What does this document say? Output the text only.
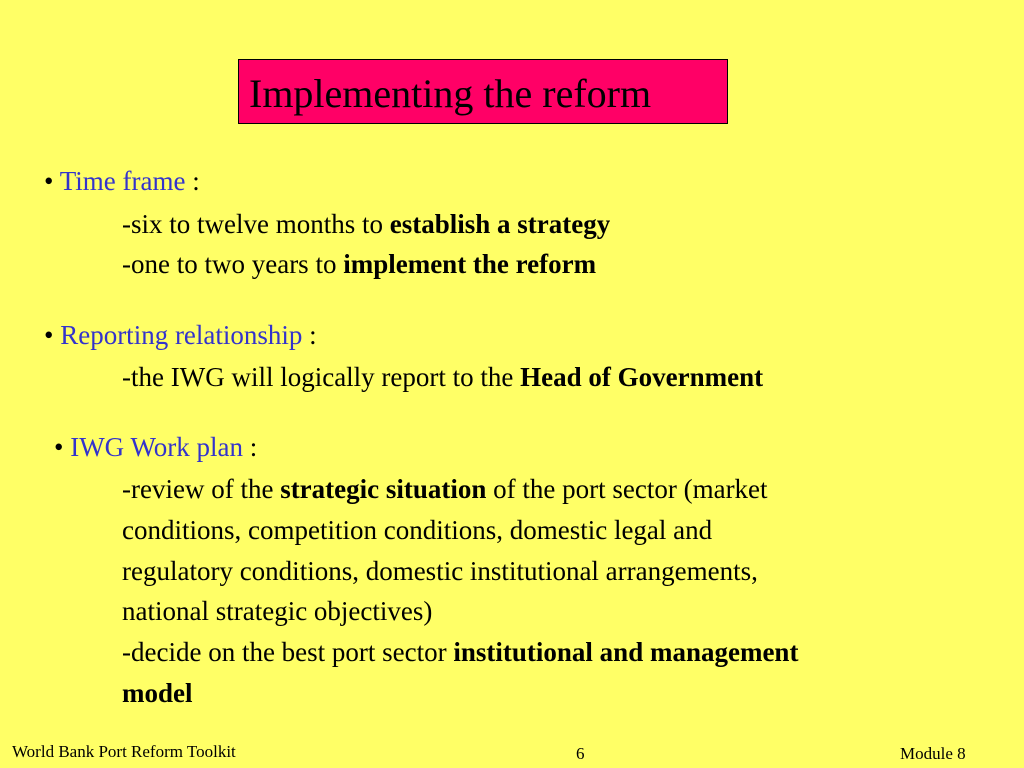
Implementing the reform
• Time frame :
-six to twelve months to establish a strategy
-one to two years to implement the reform
• Reporting relationship :
-the IWG will logically report to the Head of Government
• IWG Work plan :
-review of the strategic situation of the port sector (market
conditions, competition conditions, domestic legal and
regulatory conditions, domestic institutional arrangements,
national strategic objectives)
-decide on the best port sector institutional and management
model
World Bank Port Reform Toolkit	6	Module 8
